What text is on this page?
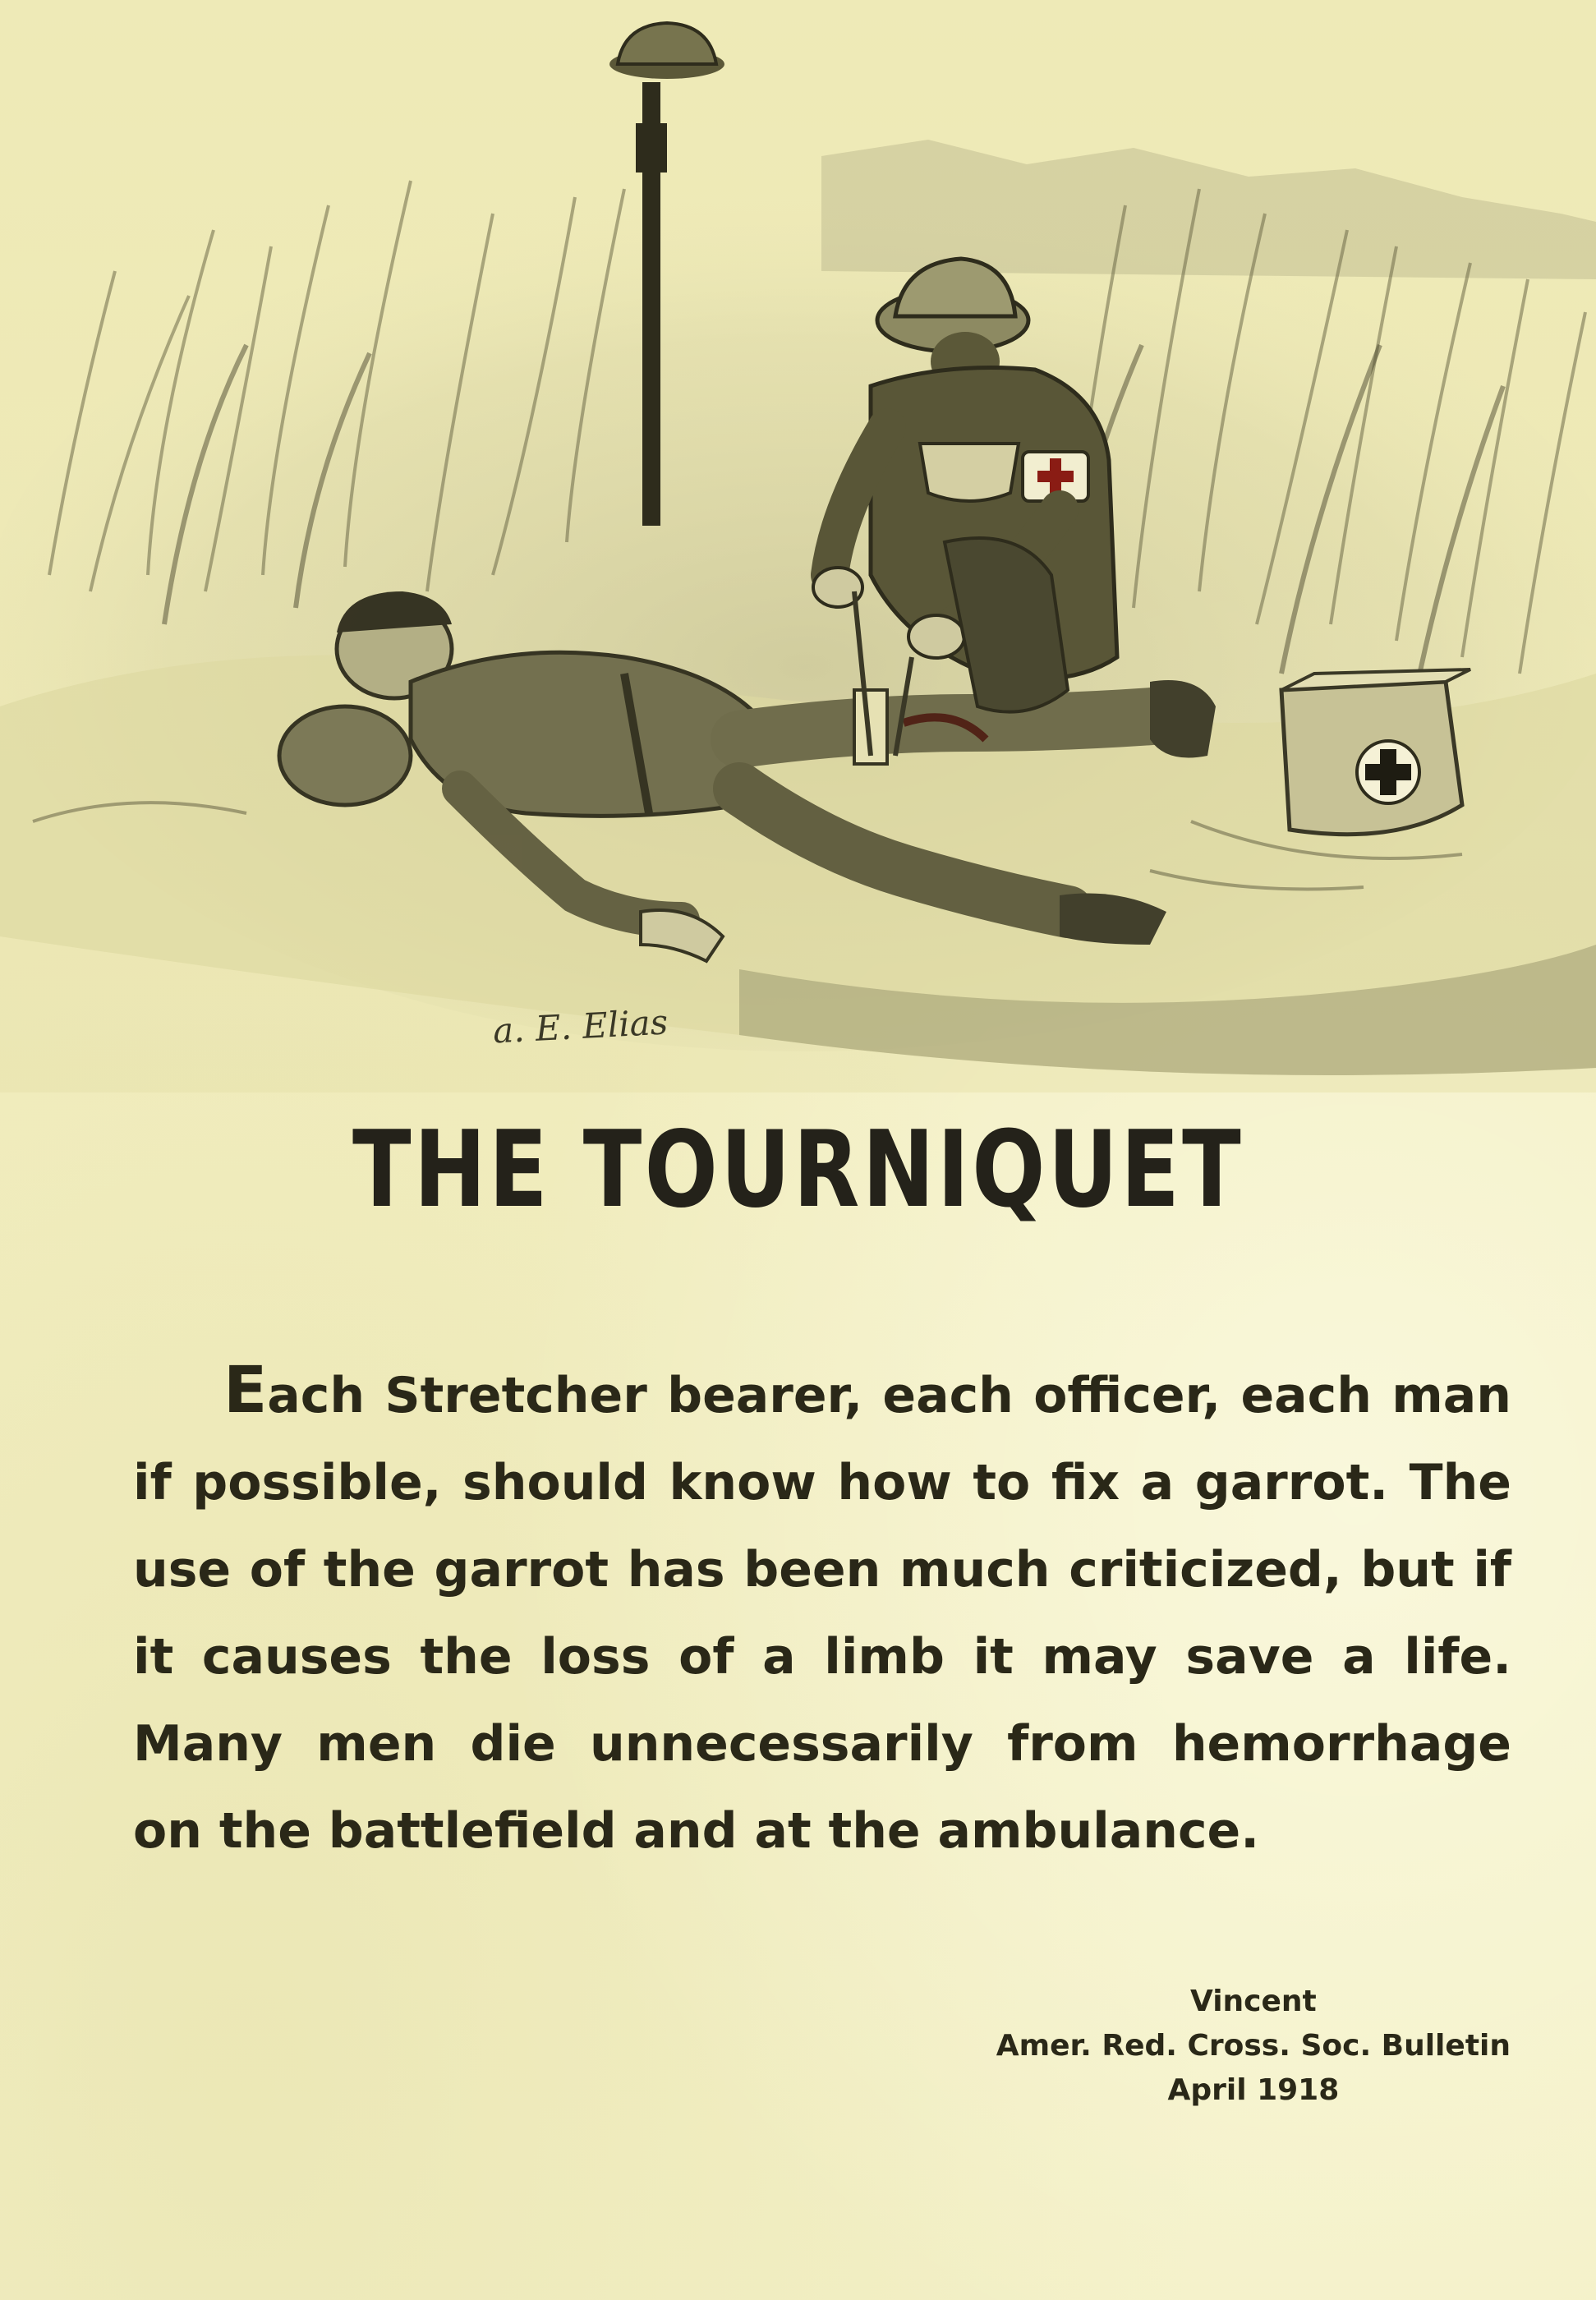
a. E. Elias
THE TOURNIQUET
Each Stretcher bearer, each officer, each man if possible, should know how to fix a garrot. The use of the garrot has been much criticized, but if it causes the loss of a limb it may save a life. Many men die unnecessarily from hemorrhage on the battlefield and at the ambulance.
Vincent
Amer. Red. Cross. Soc. Bulletin
April 1918
